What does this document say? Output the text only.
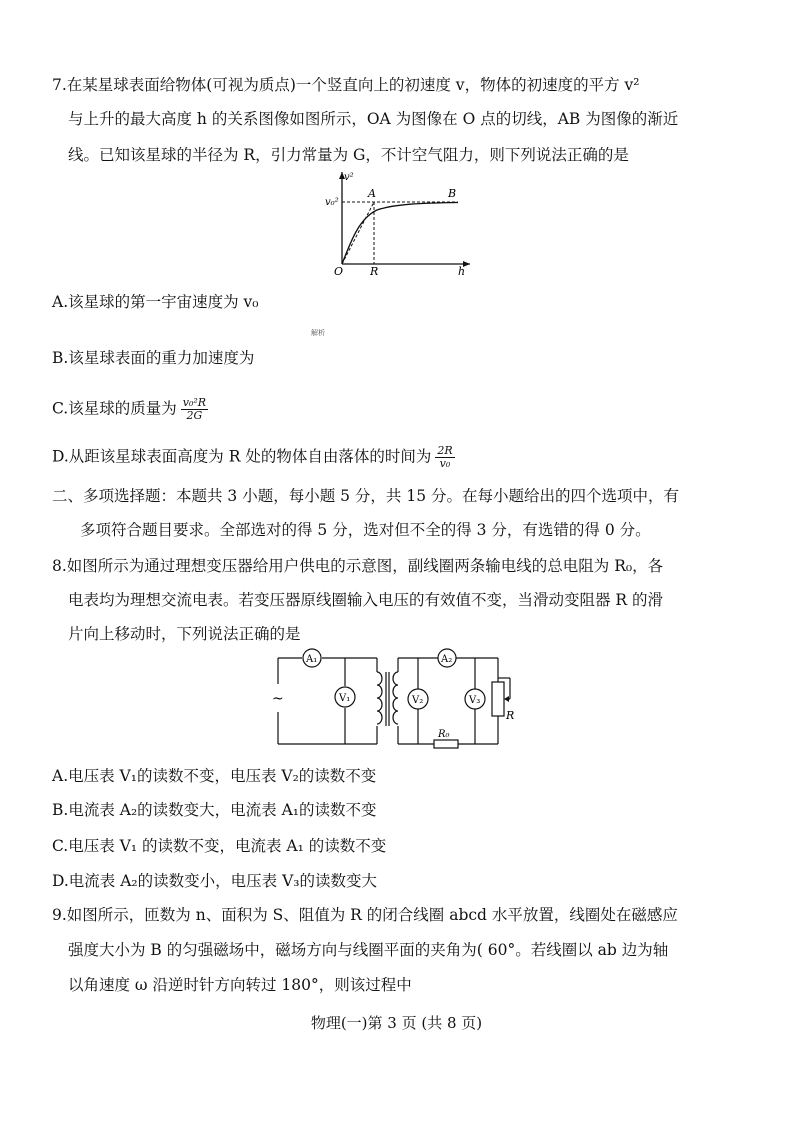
7.在某星球表面给物体(可视为质点)一个竖直向上的初速度 v，物体的初速度的平方 v²
与上升的最大高度 h 的关系图像如图所示，OA 为图像在 O 点的切线，AB 为图像的渐近
线。已知该星球的半径为 R，引力常量为 G，不计空气阻力，则下列说法正确的是
v²
v₀²
h
O R
A	B
A.该星球的第一宇宙速度为 v₀
解析
B.该星球表面的重力加速度为
C.该星球的质量为 $\frac{\text{v₀²R}}{2G}$
D.从距该星球表面高度为 R 处的物体自由落体的时间为 $\frac{2R}{\text{v₀}}$
二、多项选择题：本题共 3 小题，每小题 5 分，共 15 分。在每小题给出的四个选项中，有
多项符合题目要求。全部选对的得 5 分，选对但不全的得 3 分，有选错的得 0 分。
8.如图所示为通过理想变压器给用户供电的示意图，副线圈两条输电线的总电阻为 R₀，各
电表均为理想交流电表。若变压器原线圈输入电压的有效值不变，当滑动变阻器 R 的滑
片向上移动时，下列说法正确的是
A₁
V₁
A₂
V₂	V₃
R
R₀
~
A.电压表 V₁的读数不变，电压表 V₂的读数不变
B.电流表 A₂的读数变大，电流表 A₁的读数不变
C.电压表 V₁ 的读数不变，电流表 A₁ 的读数不变
D.电流表 A₂的读数变小，电压表 V₃的读数变大
9.如图所示，匝数为 n、面积为 S、阻值为 R 的闭合线圈 abcd 水平放置，线圈处在磁感应
强度大小为 B 的匀强磁场中，磁场方向与线圈平面的夹角为( 60°。若线圈以 ab 边为轴
以角速度 ω 沿逆时针方向转过 180°，则该过程中
物理(一)第 3 页 (共 8 页)
